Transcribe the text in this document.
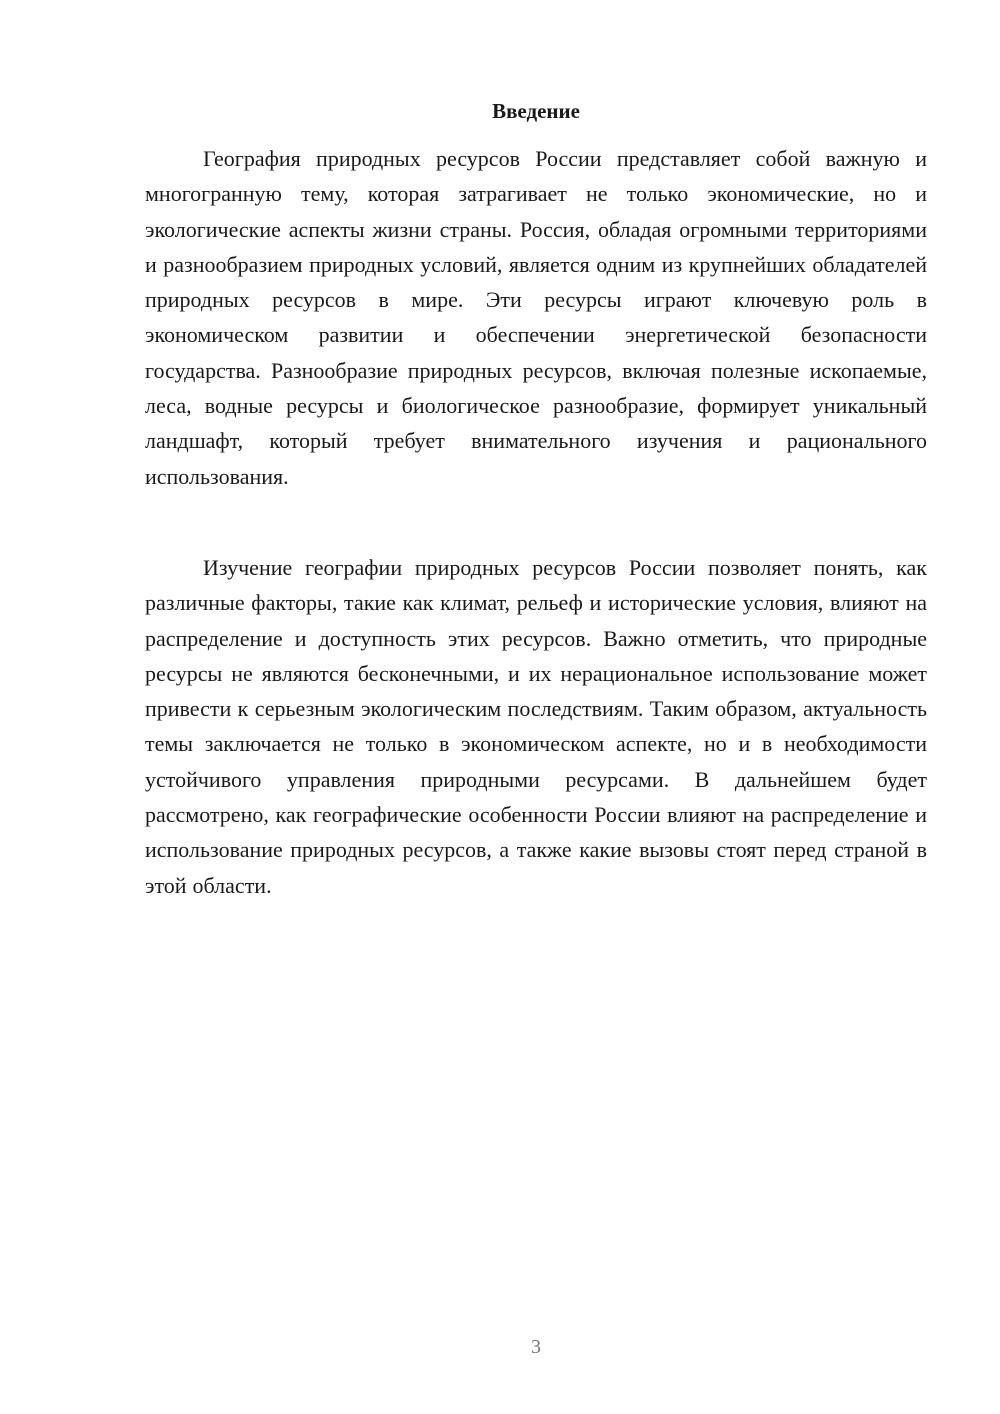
Введение

География природных ресурсов России представляет собой важную и многогранную тему, которая затрагивает не только экономические, но и экологические аспекты жизни страны. Россия, обладая огромными территориями и разнообразием природных условий, является одним из крупнейших обладателей природных ресурсов в мире. Эти ресурсы играют ключевую роль в экономическом развитии и обеспечении энергетической безопасности государства. Разнообразие природных ресурсов, включая полезные ископаемые, леса, водные ресурсы и биологическое разнообразие, формирует уникальный ландшафт, который требует внимательного изучения и рационального использования.

Изучение географии природных ресурсов России позволяет понять, как различные факторы, такие как климат, рельеф и исторические условия, влияют на распределение и доступность этих ресурсов. Важно отметить, что природные ресурсы не являются бесконечными, и их нерациональное использование может привести к серьезным экологическим последствиям. Таким образом, актуальность темы заключается не только в экономическом аспекте, но и в необходимости устойчивого управления природными ресурсами. В дальнейшем будет рассмотрено, как географические особенности России влияют на распределение и использование природных ресурсов, а также какие вызовы стоят перед страной в этой области.

3
